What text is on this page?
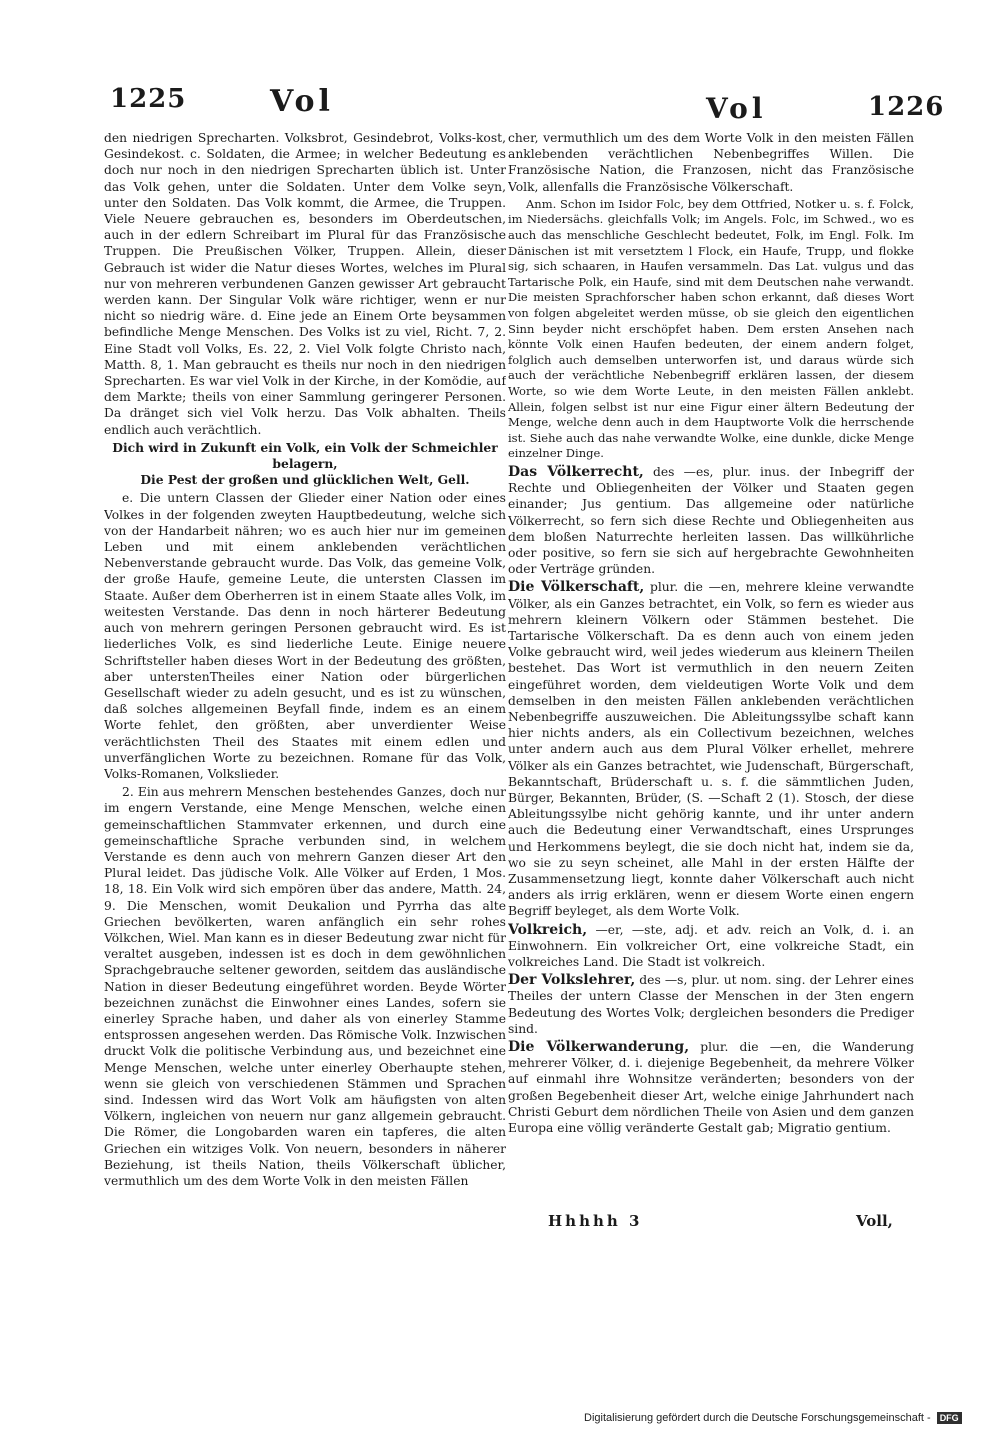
1225	Vol	Vol	1226

den niedrigen Sprecharten. Volksbrot, Gesindebrot, Volks-kost, Gesindekost. c. Soldaten, die Armee; in welcher Bedeutung es doch nur noch in den niedrigen Sprecharten üblich ist. Unter das Volk gehen, unter die Soldaten. Unter dem Volke seyn, unter den Soldaten. Das Volk kommt, die Armee, die Truppen. Viele Neuere gebrauchen es, besonders im Oberdeutschen, auch in der edlern Schreibart im Plural für das Französische Truppen. Die Preußischen Völker, Truppen. Allein, dieser Gebrauch ist wider die Natur dieses Wortes, welches im Plural nur von mehreren verbundenen Ganzen gewisser Art gebraucht werden kann. Der Singular Volk wäre richtiger, wenn er nur nicht so niedrig wäre. d. Eine jede an Einem Orte beysammen befindliche Menge Menschen. Des Volks ist zu viel, Richt. 7, 2. Eine Stadt voll Volks, Es. 22, 2. Viel Volk folgte Christo nach, Matth. 8, 1. Man gebraucht es theils nur noch in den niedrigen Sprecharten. Es war viel Volk in der Kirche, in der Komödie, auf dem Markte; theils von einer Sammlung geringerer Personen. Da dränget sich viel Volk herzu. Das Volk abhalten. Theils endlich auch verächtlich.

Dich wird in Zukunft ein Volk, ein Volk der Schmeichler
belagern,
Die Pest der großen und glücklichen Welt, Gell.

e. Die untern Classen der Glieder einer Nation oder eines Volkes in der folgenden zweyten Hauptbedeutung, welche sich von der Handarbeit nähren; wo es auch hier nur im gemeinen Leben und mit einem anklebenden verächtlichen Nebenverstande gebraucht wurde. Das Volk, das gemeine Volk, der große Haufe, gemeine Leute, die untersten Classen im Staate. Außer dem Oberherren ist in einem Staate alles Volk, im weitesten Verstande. Das denn in noch härterer Bedeutung auch von mehrern geringen Personen gebraucht wird. Es ist liederliches Volk, es sind liederliche Leute. Einige neuere Schriftsteller haben dieses Wort in der Bedeutung des größten, aber unterstenTheiles einer Nation oder bürgerlichen Gesellschaft wieder zu adeln gesucht, und es ist zu wünschen, daß solches allgemeinen Beyfall finde, indem es an einem Worte fehlet, den größten, aber unverdienter Weise verächtlichsten Theil des Staates mit einem edlen und unverfänglichen Worte zu bezeichnen. Romane für das Volk, Volks-Romanen, Volkslieder.

2. Ein aus mehrern Menschen bestehendes Ganzes, doch nur im engern Verstande, eine Menge Menschen, welche einen gemeinschaftlichen Stammvater erkennen, und durch eine gemeinschaftliche Sprache verbunden sind, in welchem Verstande es denn auch von mehrern Ganzen dieser Art den Plural leidet. Das jüdische Volk. Alle Völker auf Erden, 1 Mos. 18, 18. Ein Volk wird sich empören über das andere, Matth. 24, 9. Die Menschen, womit Deukalion und Pyrrha das alte Griechen bevölkerten, waren anfänglich ein sehr rohes Völkchen, Wiel. Man kann es in dieser Bedeutung zwar nicht für veraltet ausgeben, indessen ist es doch in dem gewöhnlichen Sprachgebrauche seltener geworden, seitdem das ausländische Nation in dieser Bedeutung eingeführet worden. Beyde Wörter bezeichnen zunächst die Einwohner eines Landes, sofern sie einerley Sprache haben, und daher als von einerley Stamme entsprossen angesehen werden. Das Römische Volk. Inzwischen druckt Volk die politische Verbindung aus, und bezeichnet eine Menge Menschen, welche unter einerley Oberhaupte stehen, wenn sie gleich von verschiedenen Stämmen und Sprachen sind. Indessen wird das Wort Volk am häufigsten von alten Völkern, ingleichen von neuern nur ganz allgemein gebraucht. Die Römer, die Longobarden waren ein tapferes, die alten Griechen ein witziges Volk. Von neuern, besonders in näherer Beziehung, ist theils Nation, theils Völkerschaft üblicher, vermuthlich um des dem Worte Volk in den meisten Fällen

cher, vermuthlich um des dem Worte Volk in den meisten Fällen anklebenden verächtlichen Nebenbegriffes Willen. Die Französische Nation, die Franzosen, nicht das Französische Volk, allenfalls die Französische Völkerschaft.

Anm. Schon im Isidor Folc, bey dem Ottfried, Notker u. s. f. Folck, im Niedersächs. gleichfalls Volk; im Angels. Folc, im Schwed., wo es auch das menschliche Geschlecht bedeutet, Folk, im Engl. Folk. Im Dänischen ist mit versetztem l Flock, ein Haufe, Trupp, und flokke sig, sich schaaren, in Haufen versammeln. Das Lat. vulgus und das Tartarische Polk, ein Haufe, sind mit dem Deutschen nahe verwandt. Die meisten Sprachforscher haben schon erkannt, daß dieses Wort von folgen abgeleitet werden müsse, ob sie gleich den eigentlichen Sinn beyder nicht erschöpfet haben. Dem ersten Ansehen nach könnte Volk einen Haufen bedeuten, der einem andern folget, folglich auch demselben unterworfen ist, und daraus würde sich auch der verächtliche Nebenbegriff erklären lassen, der diesem Worte, so wie dem Worte Leute, in den meisten Fällen anklebt. Allein, folgen selbst ist nur eine Figur einer ältern Bedeutung der Menge, welche denn auch in dem Hauptworte Volk die herrschende ist. Siehe auch das nahe verwandte Wolke, eine dunkle, dicke Menge einzelner Dinge.

Das Völkerrecht, des —es, plur. inus. der Inbegriff der Rechte und Obliegenheiten der Völker und Staaten gegen einander; Jus gentium. Das allgemeine oder natürliche Völkerrecht, so fern sich diese Rechte und Obliegenheiten aus dem bloßen Naturrechte herleiten lassen. Das willkührliche oder positive, so fern sie sich auf hergebrachte Gewohnheiten oder Verträge gründen.

Die Völkerschaft, plur. die —en, mehrere kleine verwandte Völker, als ein Ganzes betrachtet, ein Volk, so fern es wieder aus mehrern kleinern Völkern oder Stämmen bestehet. Die Tartarische Völkerschaft. Da es denn auch von einem jeden Volke gebraucht wird, weil jedes wiederum aus kleinern Theilen bestehet. Das Wort ist vermuthlich in den neuern Zeiten eingeführet worden, dem vieldeutigen Worte Volk und dem demselben in den meisten Fällen anklebenden verächtlichen Nebenbegriffe auszuweichen. Die Ableitungssylbe schaft kann hier nichts anders, als ein Collectivum bezeichnen, welches unter andern auch aus dem Plural Völker erhellet, mehrere Völker als ein Ganzes betrachtet, wie Judenschaft, Bürgerschaft, Bekanntschaft, Brüderschaft u. s. f. die sämmtlichen Juden, Bürger, Bekannten, Brüder, (S. —Schaft 2 (1). Stosch, der diese Ableitungssylbe nicht gehörig kannte, und ihr unter andern auch die Bedeutung einer Verwandtschaft, eines Ursprunges und Herkommens beylegt, die sie doch nicht hat, indem sie da, wo sie zu seyn scheinet, alle Mahl in der ersten Hälfte der Zusammensetzung liegt, konnte daher Völkerschaft auch nicht anders als irrig erklären, wenn er diesem Worte einen engern Begriff beyleget, als dem Worte Volk.

Volkreich, —er, —ste, adj. et adv. reich an Volk, d. i. an Einwohnern. Ein volkreicher Ort, eine volkreiche Stadt, ein volkreiches Land. Die Stadt ist volkreich.

Der Volkslehrer, des —s, plur. ut nom. sing. der Lehrer eines Theiles der untern Classe der Menschen in der 3ten engern Bedeutung des Wortes Volk; dergleichen besonders die Prediger sind.

Die Völkerwanderung, plur. die —en, die Wanderung mehrerer Völker, d. i. diejenige Begebenheit, da mehrere Völker auf einmahl ihre Wohnsitze veränderten; besonders von der großen Begebenheit dieser Art, welche einige Jahrhundert nach Christi Geburt dem nördlichen Theile von Asien und dem ganzen Europa eine völlig veränderte Gestalt gab; Migratio gentium.

Hhhhh 3	Voll,
Digitalisierung gefördert durch die Deutsche Forschungsgemeinschaft -	DFG
